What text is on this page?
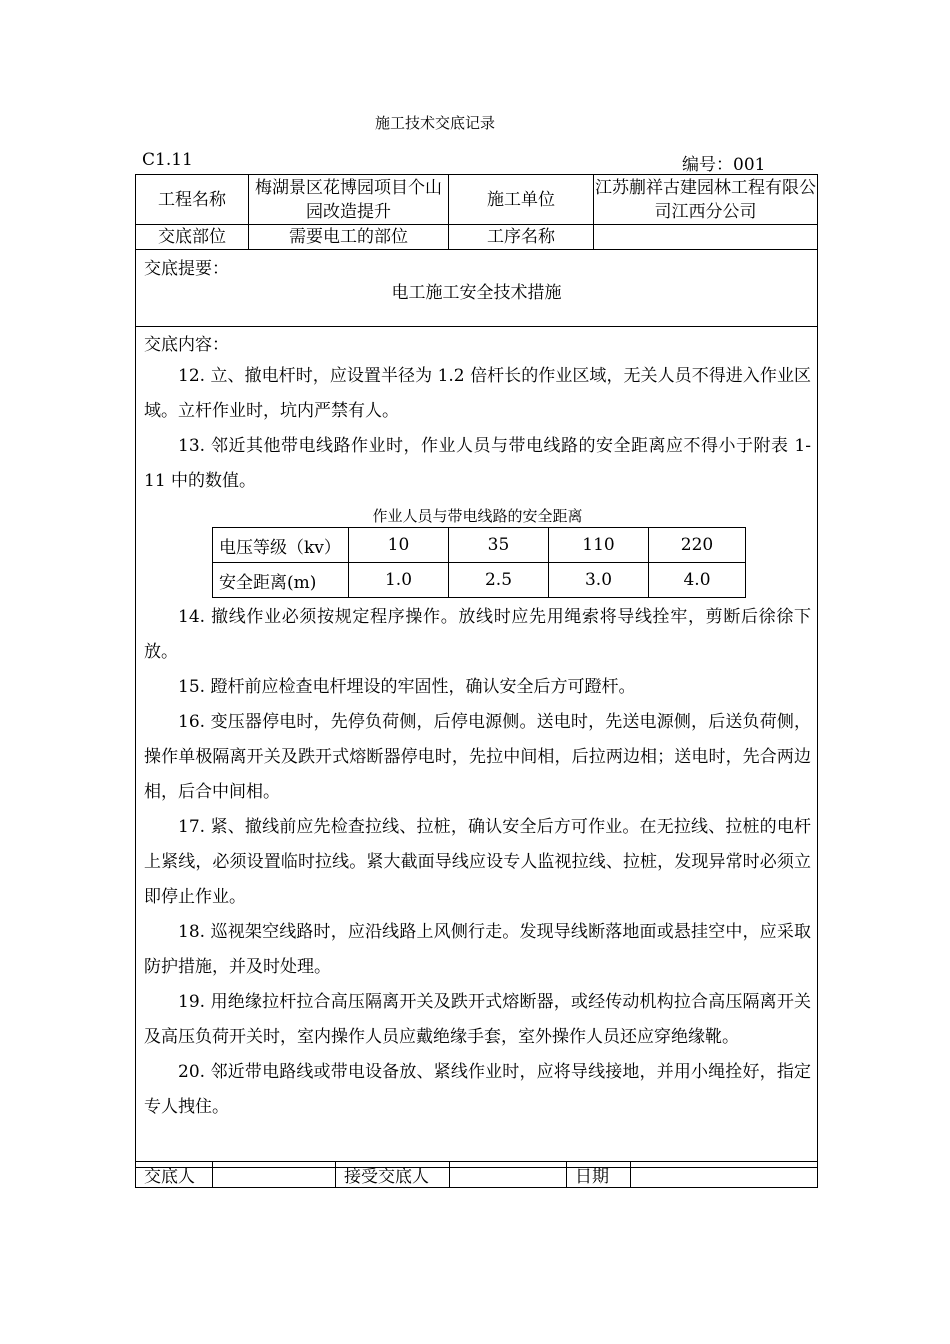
施工技术交底记录
C1.11	编号：001
工程名称	梅湖景区花博园项目个山园改造提升	施工单位	江苏蒯祥古建园林工程有限公司江西分公司
交底部位	需要电工的部位	工序名称	

交底提要：
电工施工安全技术措施

交底内容：

12. 立、撤电杆时，应设置半径为 1.2 倍杆长的作业区域，无关人员不得进入作业区域。立杆作业时，坑内严禁有人。

13. 邻近其他带电线路作业时，作业人员与带电线路的安全距离应不得小于附表 1-11 中的数值。

作业人员与带电线路的安全距离
电压等级（kv）	10	35	110	220
安全距离(m)	1.0	2.5	3.0	4.0

14. 撤线作业必须按规定程序操作。放线时应先用绳索将导线拴牢，剪断后徐徐下放。

15. 蹬杆前应检查电杆埋设的牢固性，确认安全后方可蹬杆。

16. 变压器停电时，先停负荷侧，后停电源侧。送电时，先送电源侧，后送负荷侧，操作单极隔离开关及跌开式熔断器停电时，先拉中间相，后拉两边相；送电时，先合两边相，后合中间相。

17. 紧、撤线前应先检查拉线、拉桩，确认安全后方可作业。在无拉线、拉桩的电杆上紧线，必须设置临时拉线。紧大截面导线应设专人监视拉线、拉桩，发现异常时必须立即停止作业。

18. 巡视架空线路时，应沿线路上风侧行走。发现导线断落地面或悬挂空中，应采取防护措施，并及时处理。

19. 用绝缘拉杆拉合高压隔离开关及跌开式熔断器，或经传动机构拉合高压隔离开关及高压负荷开关时，室内操作人员应戴绝缘手套，室外操作人员还应穿绝缘靴。

20. 邻近带电路线或带电设备放、紧线作业时，应将导线接地，并用小绳拴好，指定专人拽住。

交底人		接受交底人		日期	
